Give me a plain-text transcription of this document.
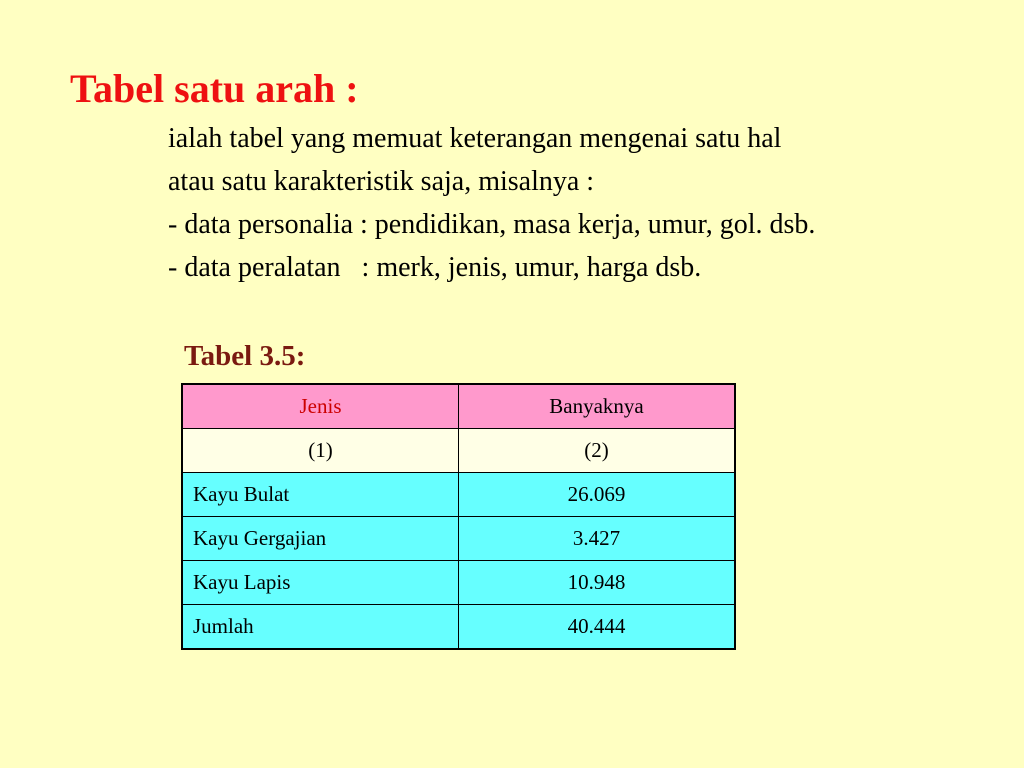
Tabel satu arah :
ialah tabel yang memuat keterangan mengenai satu hal
atau satu karakteristik saja, misalnya :
- data personalia : pendidikan, masa kerja, umur, gol. dsb.
- data peralatan   : merk, jenis, umur, harga dsb.
Tabel 3.5:
Jenis	Banyaknya
(1)	(2)
Kayu Bulat	26.069
Kayu Gergajian	3.427
Kayu Lapis	10.948
Jumlah	40.444
